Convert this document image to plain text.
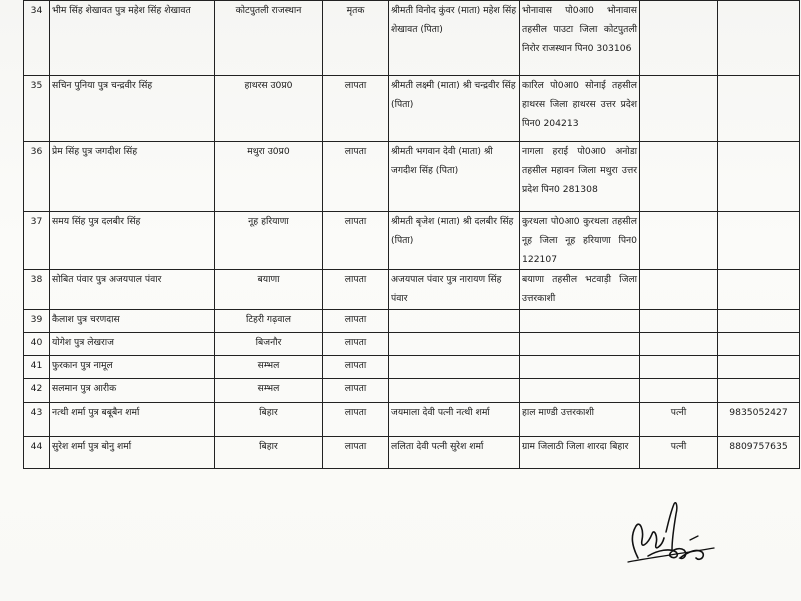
34	भीम सिंह शेखावत पुत्र महेश सिंह शेखावत	कोटपुतली राजस्थान	मृतक	श्रीमती विनोद कुंवर (माता) महेश सिंह शेखावत (पिता)	भोनावास पो0आ0 भोनावास तहसील पाउटा जिला कोटपुतली निरोर राजस्थान पिन0 303106		
35	सचिन पुनिया पुत्र चन्द्रवीर सिंह	हाथरस उ0प्र0	लापता	श्रीमती लक्ष्मी (माता) श्री चन्द्रवीर सिंह (पिता)	कारिल पो0आ0 सोनाई तहसील हाथरस जिला हाथरस उत्तर प्रदेश पिन0 204213		
36	प्रेम सिंह पुत्र जगदीश सिंह	मथुरा उ0प्र0	लापता	श्रीमती भगवान देवी (माता) श्री जगदीश सिंह (पिता)	नागला हराई पो0आ0 अनोडा तहसील महावन जिला मथुरा उत्तर प्रदेश पिन0 281308		
37	समय सिंह पुत्र दलबीर सिंह	नूह हरियाणा	लापता	श्रीमती बृजेश (माता) श्री दलबीर सिंह (पिता)	कुरथला पो0आ0 कुरथला तहसील नूह जिला नूह हरियाणा पिन0 122107		
38	सोबित पंवार पुत्र अजयपाल पंवार	बयाणा	लापता	अजयपाल पंवार पुत्र नारायण सिंह पंवार	बयाणा तहसील भटवाड़ी जिला उत्तरकाशी		
39	कैलाश पुत्र चरणदास	टिहरी गढ़वाल	लापता				
40	योगेश पुत्र लेखराज	बिजनौर	लापता				
41	फुरकान पुत्र नामूल	सम्भल	लापता				
42	सलमान पुत्र आरीक	सम्भल	लापता				
43	नत्थी शर्मा पुत्र बबूबैन शर्मा	बिहार	लापता	जयमाला देवी पत्नी नत्थी शर्मा	हाल माण्डी उत्तरकाशी	पत्नी	9835052427
44	सुरेश शर्मा पुत्र बोनु शर्मा	बिहार	लापता	ललिता देवी पत्नी सुरेश शर्मा	ग्राम जिलाठी जिला शारदा बिहार	पत्नी	8809757635
